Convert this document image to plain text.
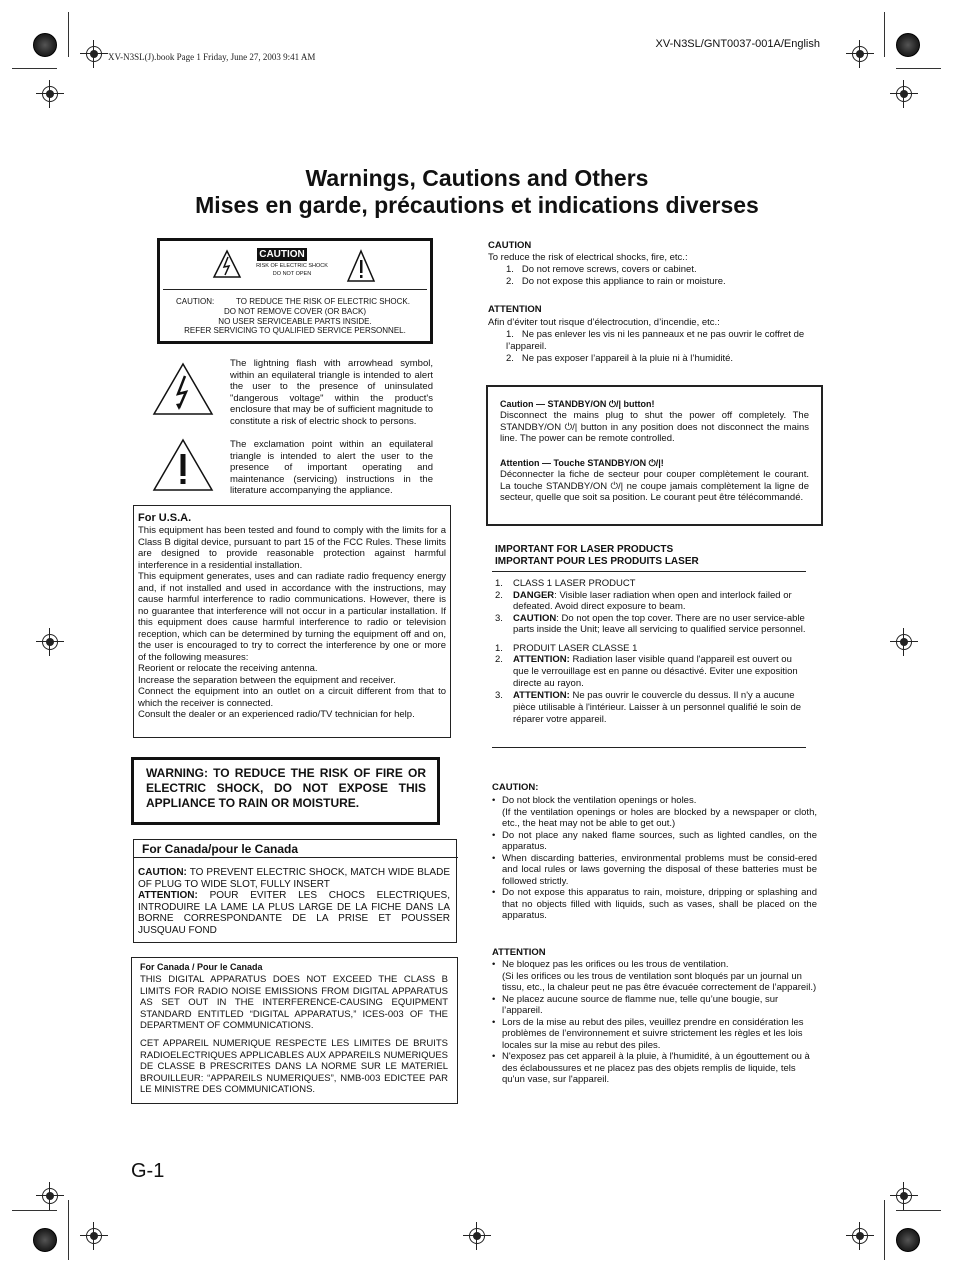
XV-N3SL(J).book Page 1 Friday, June 27, 2003 9:41 AM
XV-N3SL/GNT0037-001A/English
Warnings, Cautions and Others
Mises en garde, précautions et indications diverses
CAUTION
RISK OF ELECTRIC SHOCK
DO NOT OPEN
CAUTION:	TO REDUCE THE RISK OF ELECTRIC SHOCK.
DO NOT REMOVE COVER (OR BACK)
NO USER SERVICEABLE PARTS INSIDE.
REFER SERVICING TO QUALIFIED SERVICE PERSONNEL.
The lightning flash with arrowhead symbol, within an equilateral triangle is intended to alert the user to the presence of uninsulated "dangerous voltage" within the product's enclosure that may be of sufficient magnitude to constitute a risk of electric shock to persons.
The exclamation point within an equilateral triangle is intended to alert the user to the presence of important operating and maintenance (servicing) instructions in the literature accompanying the appliance.
For U.S.A.
This equipment has been tested and found to comply with the limits for a Class B digital device, pursuant to part 15 of the FCC Rules. These limits are designed to provide reasonable protection against harmful interference in a residential installation.
This equipment generates, uses and can radiate radio frequency energy and, if not installed and used in accordance with the instructions, may cause harmful interference to radio communications. However, there is no guarantee that interference will not occur in a particular installation. If this equipment does cause harmful interference to radio or television reception, which can be determined by turning the equipment off and on, the user is encouraged to try to correct the interference by one or more of the following measures:
Reorient or relocate the receiving antenna.
Increase the separation between the equipment and receiver.
Connect the equipment into an outlet on a circuit different from that to which the receiver is connected.
Consult the dealer or an experienced radio/TV technician for help.
WARNING: TO REDUCE THE RISK OF FIRE OR ELECTRIC SHOCK, DO NOT EXPOSE THIS APPLIANCE TO RAIN OR MOISTURE.
For Canada/pour le Canada
CAUTION: TO PREVENT ELECTRIC SHOCK, MATCH WIDE BLADE OF PLUG TO WIDE SLOT, FULLY INSERT
ATTENTION: POUR EVITER LES CHOCS ELECTRIQUES, INTRODUIRE LA LAME LA PLUS LARGE DE LA FICHE DANS LA BORNE CORRESPONDANTE DE LA PRISE ET POUSSER JUSQUAU FOND
For Canada / Pour le Canada
THIS DIGITAL APPARATUS DOES NOT EXCEED THE CLASS B LIMITS FOR RADIO NOISE EMISSIONS FROM DIGITAL APPARATUS AS SET OUT IN THE INTERFERENCE-CAUSING EQUIPMENT STANDARD ENTITLED “DIGITAL APPARATUS,” ICES-003 OF THE DEPARTMENT OF COMMUNICATIONS.
CET APPAREIL NUMERIQUE RESPECTE LES LIMITES DE BRUITS RADIOELECTRIQUES APPLICABLES AUX APPAREILS NUMERIQUES DE CLASSE B PRESCRITES DANS LA NORME SUR LE MATERIEL BROUILLEUR: “APPAREILS NUMERIQUES”, NMB-003 EDICTEE PAR LE MINISTRE DES COMMUNICATIONS.
CAUTION
To reduce the risk of electrical shocks, fire, etc.:
1.   Do not remove screws, covers or cabinet.
2.   Do not expose this appliance to rain or moisture.
ATTENTION
Afin d’éviter tout risque d’électrocution, d’incendie, etc.:
1.   Ne pas enlever les vis ni les panneaux et ne pas ouvrir le coffret de l’appareil.
2.   Ne pas exposer l’appareil à la pluie ni à l’humidité.
Caution — STANDBY/ON ⏻/| button!
Disconnect the mains plug to shut the power off completely. The STANDBY/ON ⏻/| button in any position does not disconnect the mains line. The power can be remote controlled.
Attention — Touche STANDBY/ON ⏻/|!
Déconnecter la fiche de secteur pour couper complètement le courant. La touche STANDBY/ON ⏻/| ne coupe jamais complètement la ligne de secteur, quelle que soit sa position. Le courant peut être télécommandé.
IMPORTANT FOR LASER PRODUCTS
IMPORTANT POUR LES PRODUITS LASER
1. CLASS 1 LASER PRODUCT
2. DANGER: Visible laser radiation when open and interlock failed or defeated. Avoid direct exposure to beam.
3. CAUTION: Do not open the top cover. There are no user service-able parts inside the Unit; leave all servicing to qualified service personnel.
1. PRODUIT LASER CLASSE 1
2. ATTENTION: Radiation laser visible quand l'appareil est ouvert ou que le verrouillage est en panne ou désactivé. Eviter une exposition directe au rayon.
3. ATTENTION: Ne pas ouvrir le couvercle du dessus. Il n'y a aucune pièce utilisable à l'intérieur. Laisser à un personnel qualifié le soin de réparer votre appareil.
CAUTION:
• Do not block the ventilation openings or holes.
(If the ventilation openings or holes are blocked by a newspaper or cloth, etc., the heat may not be able to get out.)
• Do not place any naked flame sources, such as lighted candles, on the apparatus.
• When discarding batteries, environmental problems must be consid-ered and local rules or laws governing the disposal of these batteries must be followed strictly.
• Do not expose this apparatus to rain, moisture, dripping or splashing and that no objects filled with liquids, such as vases, shall be placed on the apparatus.
ATTENTION
• Ne bloquez pas les orifices ou les trous de ventilation.
(Si les orifices ou les trous de ventilation sont bloqués par un journal un tissu, etc., la chaleur peut ne pas être évacuée correctement de l’appareil.)
• Ne placez aucune source de flamme nue, telle qu’une bougie, sur l’appareil.
• Lors de la mise au rebut des piles, veuillez prendre en considération les problèmes de l’environnement et suivre strictement les règles et les lois locales sur la mise au rebut des piles.
• N'exposez pas cet appareil à la pluie, à l'humidité, à un égouttement ou à des éclaboussures et ne placez pas des objets remplis de liquide, tels qu'un vase, sur l'appareil.
G-1
